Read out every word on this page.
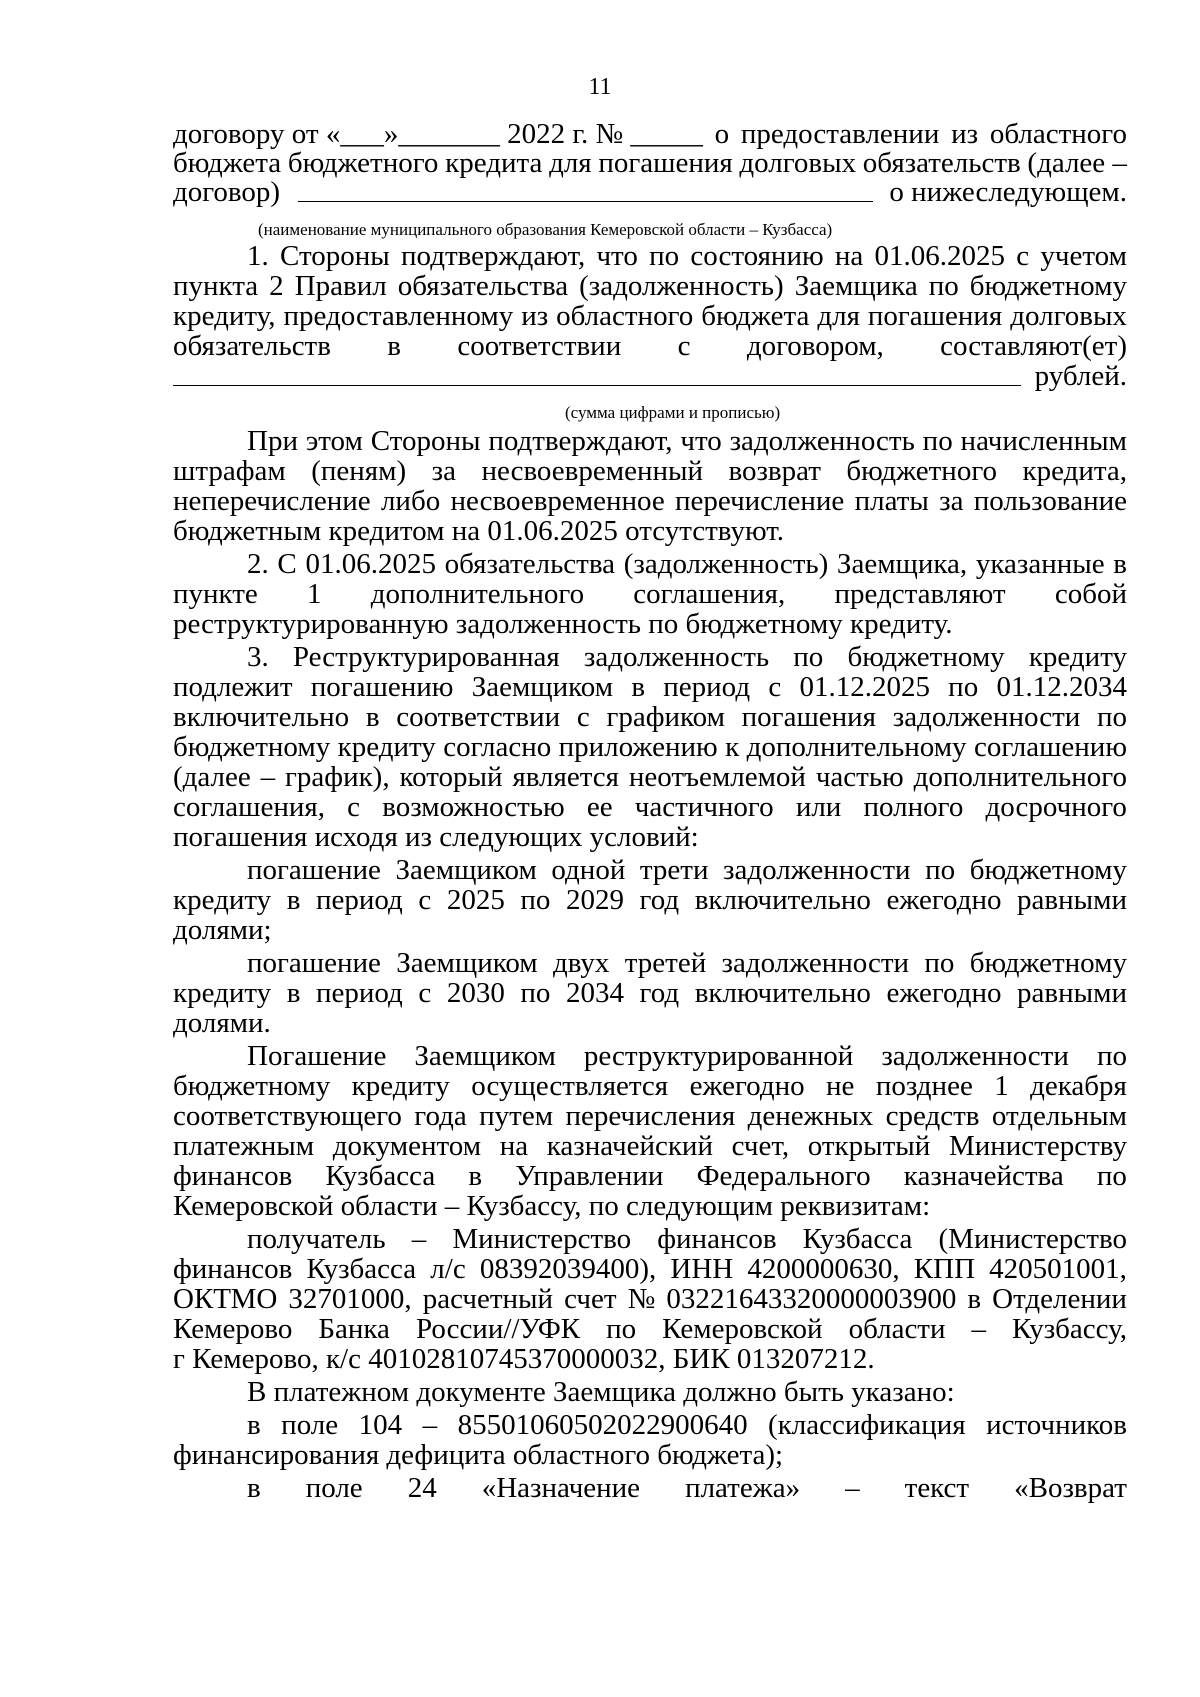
11
договору от «___»_______ 2022 г. № _____ о предоставлении из областного
бюджета бюджетного кредита для погашения долговых обязательств (далее –
договор)	о нижеследующем.
(наименование муниципального образования Кемеровской области – Кузбасса)
1. Стороны подтверждают, что по состоянию на 01.06.2025 с учетом
пункта 2 Правил обязательства (задолженность) Заемщика по бюджетному
кредиту, предоставленному из областного бюджета для погашения долговых
обязательств в соответствии с договором, составляют(ет)
рублей.
(сумма цифрами и прописью)
При этом Стороны подтверждают, что задолженность по начисленным
штрафам (пеням) за несвоевременный возврат бюджетного кредита,
неперечисление либо несвоевременное перечисление платы за пользование
бюджетным кредитом на 01.06.2025 отсутствуют.
2. С 01.06.2025 обязательства (задолженность) Заемщика, указанные в
пункте 1 дополнительного соглашения, представляют собой
реструктурированную задолженность по бюджетному кредиту.
3. Реструктурированная задолженность по бюджетному кредиту
подлежит погашению Заемщиком в период с 01.12.2025 по 01.12.2034
включительно в соответствии с графиком погашения задолженности по
бюджетному кредиту согласно приложению к дополнительному соглашению
(далее – график), который является неотъемлемой частью дополнительного
соглашения, с возможностью ее частичного или полного досрочного
погашения исходя из следующих условий:
погашение Заемщиком одной трети задолженности по бюджетному
кредиту в период с 2025 по 2029 год включительно ежегодно равными
долями;
погашение Заемщиком двух третей задолженности по бюджетному
кредиту в период с 2030 по 2034 год включительно ежегодно равными
долями.
Погашение Заемщиком реструктурированной задолженности по
бюджетному кредиту осуществляется ежегодно не позднее 1 декабря
соответствующего года путем перечисления денежных средств отдельным
платежным документом на казначейский счет, открытый Министерству
финансов Кузбасса в Управлении Федерального казначейства по
Кемеровской области – Кузбассу, по следующим реквизитам:
получатель – Министерство финансов Кузбасса (Министерство
финансов Кузбасса л/с 08392039400), ИНН 4200000630, КПП 420501001,
ОКТМО 32701000, расчетный счет № 03221643320000003900 в Отделении
Кемерово Банка России//УФК по Кемеровской области – Кузбассу,
г Кемерово, к/с 40102810745370000032, БИК 013207212.
В платежном документе Заемщика должно быть указано:
в поле 104 – 85501060502022900640 (классификация источников
финансирования дефицита областного бюджета);
в поле 24 «Назначение платежа» – текст «Возврат
